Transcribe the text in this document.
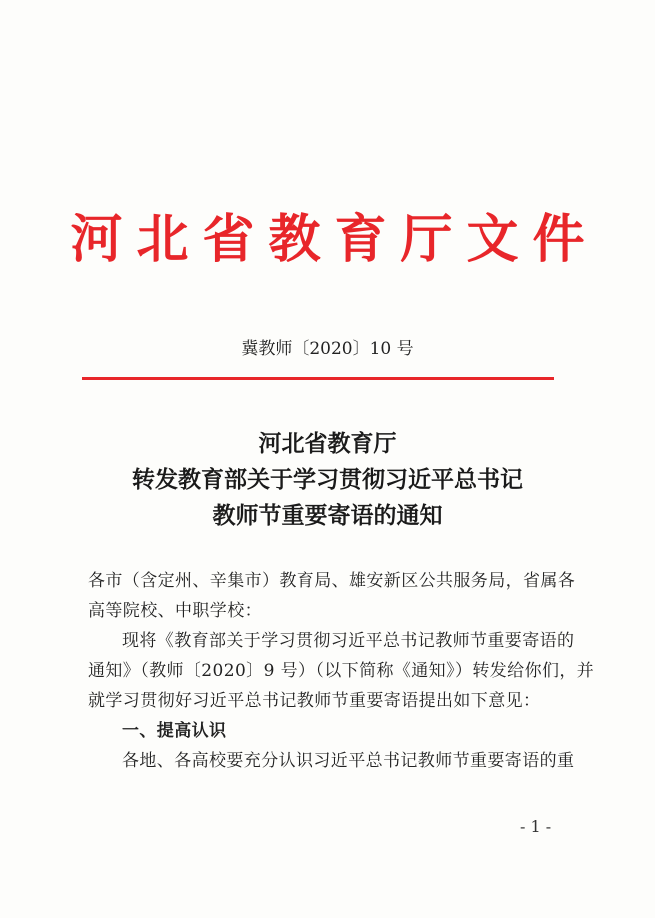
河北省教育厅文件
冀教师〔2020〕10 号
河北省教育厅
转发教育部关于学习贯彻习近平总书记
教师节重要寄语的通知
各市（含定州、辛集市）教育局、雄安新区公共服务局，省属各
高等院校、中职学校：
现将《教育部关于学习贯彻习近平总书记教师节重要寄语的
通知》（教师〔2020〕9 号）（以下简称《通知》）转发给你们，并
就学习贯彻好习近平总书记教师节重要寄语提出如下意见：
一、提高认识
各地、各高校要充分认识习近平总书记教师节重要寄语的重
- 1 -
